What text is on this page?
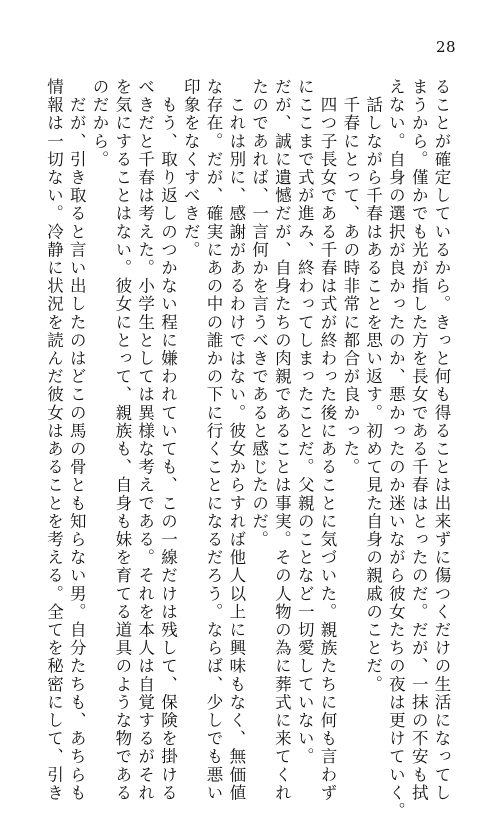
28
ることが確定しているから。きっと何も得ることは出来ずに傷つくだけの生活になってし
まうから。僅かでも光が指した方を長女である千春はとったのだ。だが、一抹の不安も拭
えない。自身の選択が良かったのか、悪かったのか迷いながら彼女たちの夜は更けていく。
　話しながら千春はあることを思い返す。初めて見た自身の親戚のことだ。
　千春にとって、あの時非常に都合が良かった。
　四つ子長女である千春は式が終わった後にあることに気づいた。親族たちに何も言わず
にここまで式が進み、終わってしまったことだ。父親のことなど一切愛していない。
だが、誠に遺憾だが、自身たちの肉親であることは事実。その人物の為に葬式に来てくれ
たのであれば、一言何かを言うべきであると感じたのだ。
　これは別に、感謝があるわけではない。彼女からすれば他人以上に興味もなく、無価値
な存在。だが、確実にあの中の誰かの下に行くことになるだろう。ならば、少しでも悪い
印象をなくすべきだ。
　もう、取り返しのつかない程に嫌われていても、この一線だけは残して、保険を掛ける
べきだと千春は考えた。小学生としては異様な考えである。それを本人は自覚するがそれ
を気にすることはない。彼女にとって、親族も、自身も妹を育てる道具のような物である
のだから。
　だが、引き取ると言い出したのはどこの馬の骨とも知らない男。自分たちも、あちらも
情報は一切ない。冷静に状況を読んだ彼女はあることを考える。全てを秘密にして、引き
